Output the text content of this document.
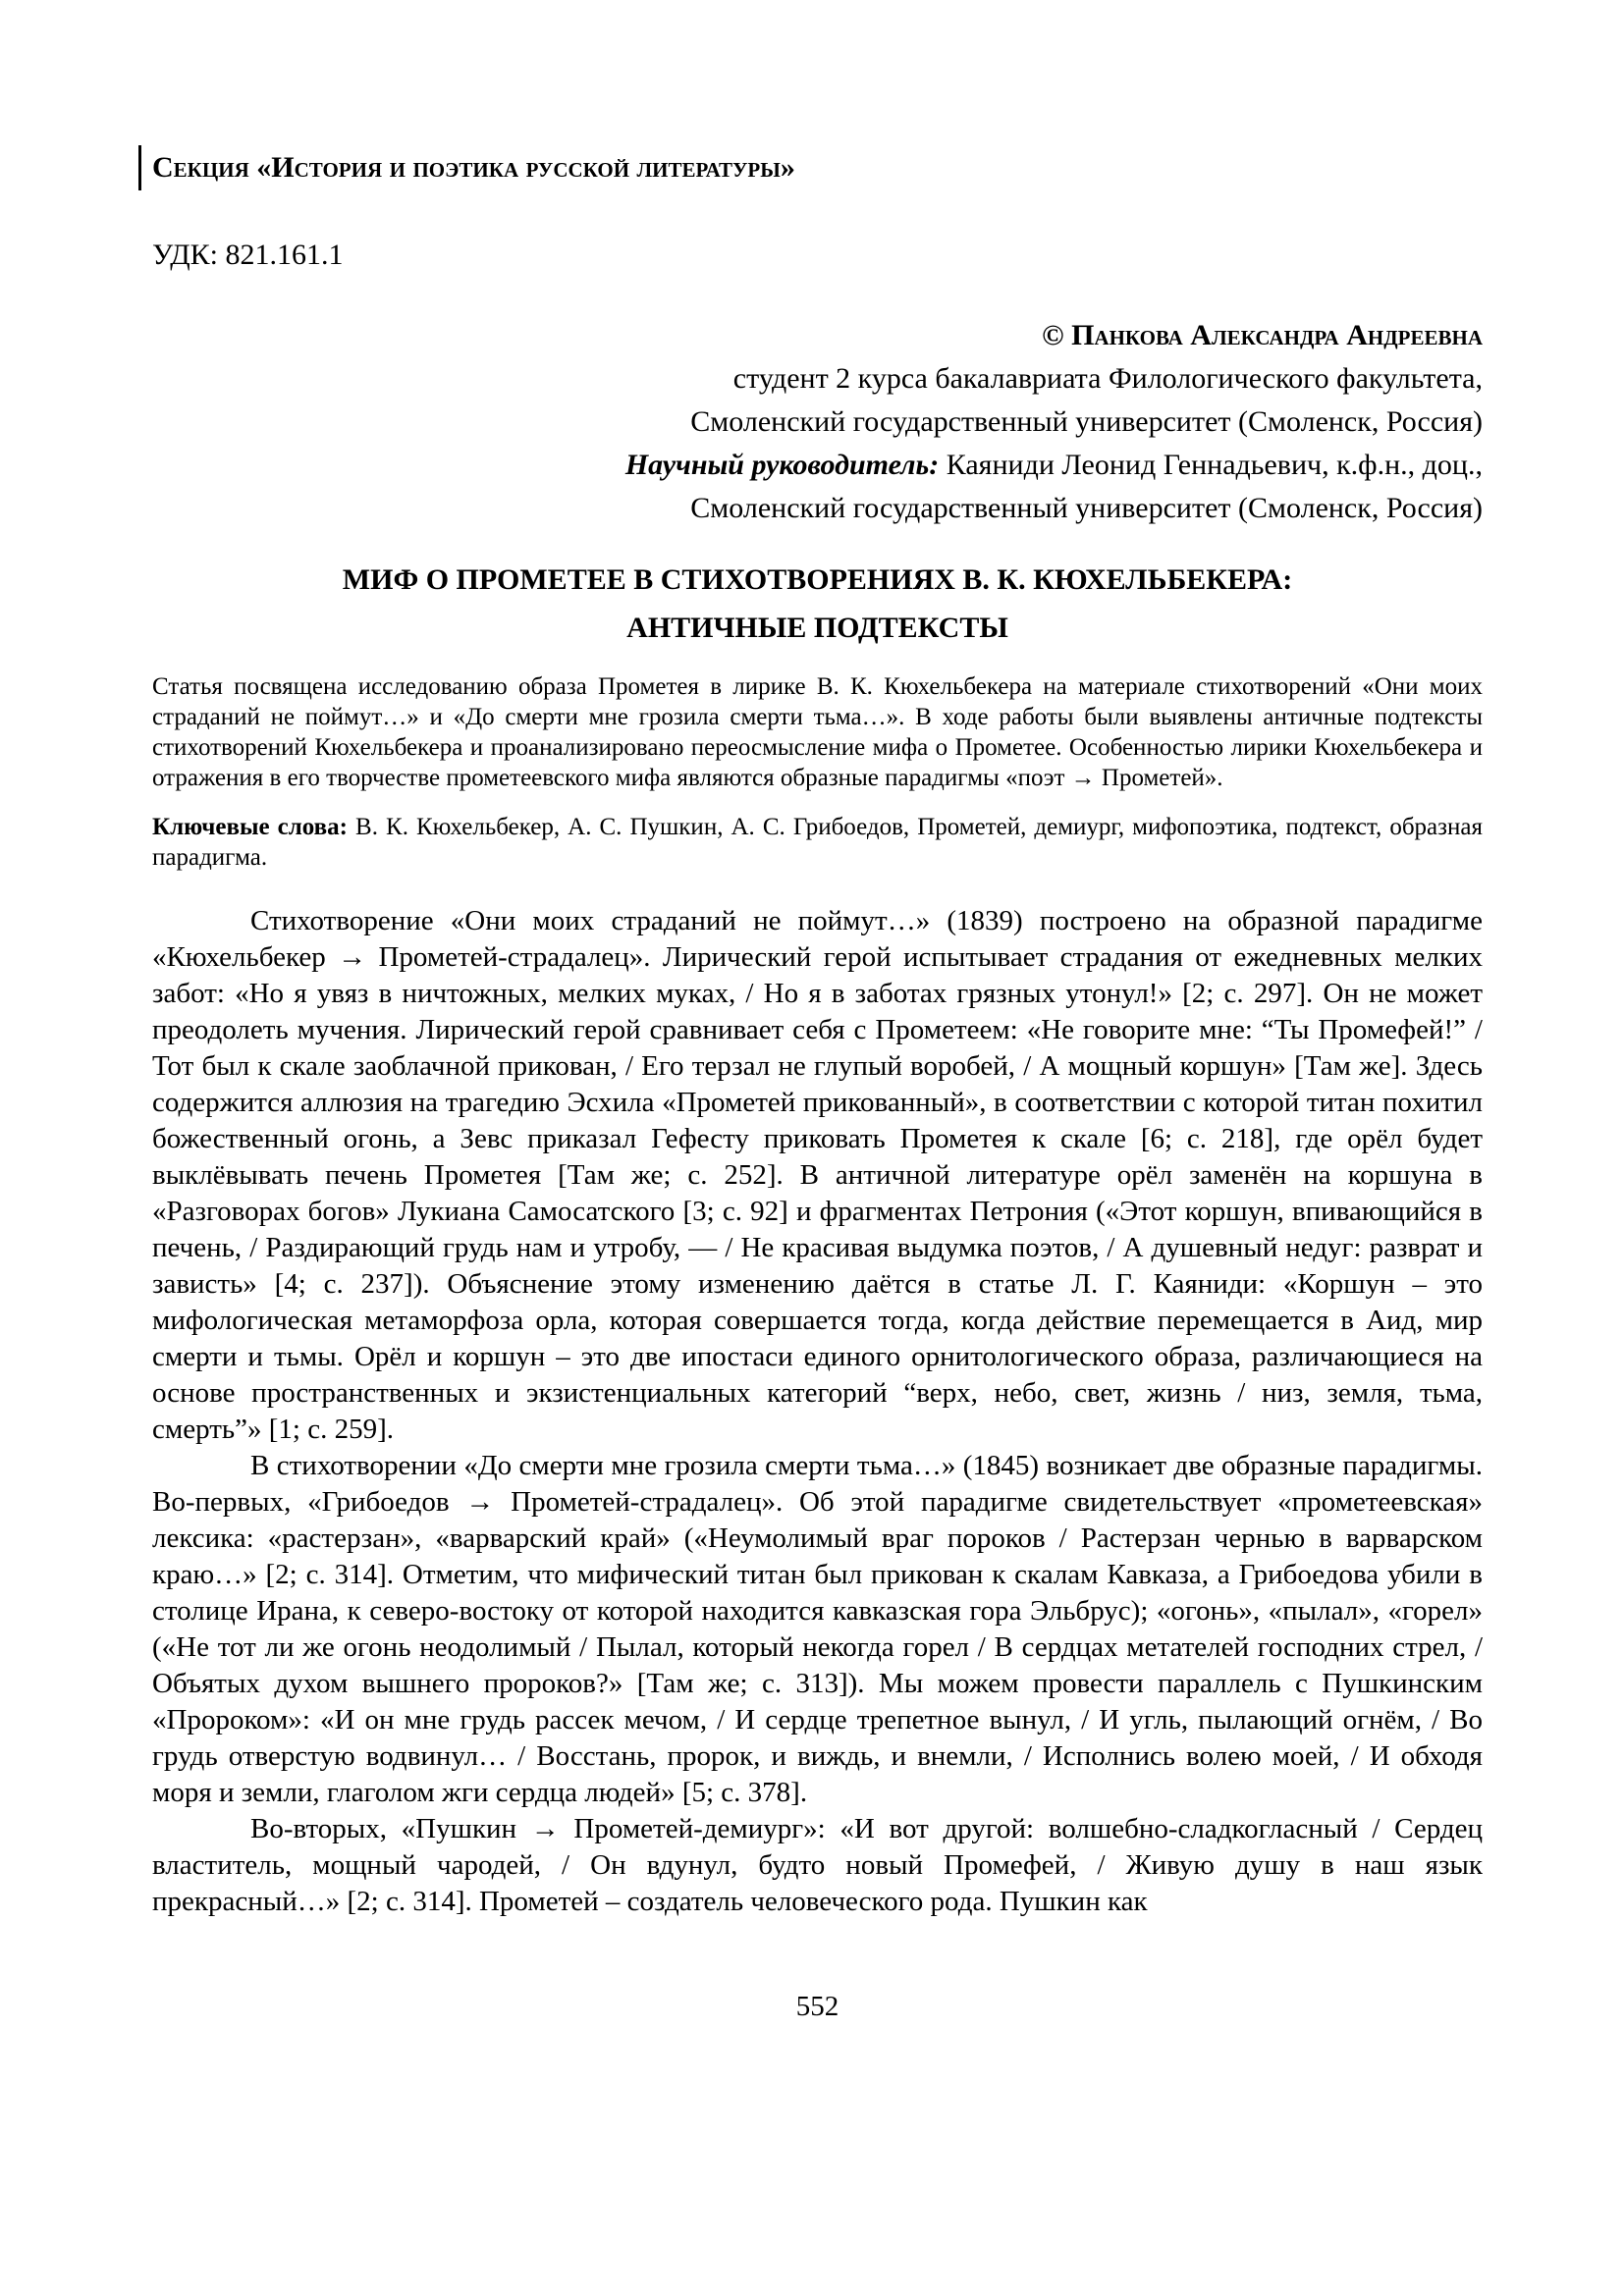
Секция «История и поэтика русской литературы»
УДК: 821.161.1
© Панкова Александра Андреевна
студент 2 курса бакалавриата Филологического факультета,
Смоленский государственный университет (Смоленск, Россия)
Научный руководитель: Каяниди Леонид Геннадьевич, к.ф.н., доц.,
Смоленский государственный университет (Смоленск, Россия)
МИФ О ПРОМЕТЕЕ В СТИХОТВОРЕНИЯХ В. К. КЮХЕЛЬБЕКЕРА:
АНТИЧНЫЕ ПОДТЕКСТЫ
Статья посвящена исследованию образа Прометея в лирике В. К. Кюхельбекера на материале стихотворений «Они моих страданий не поймут…» и «До смерти мне грозила смерти тьма…». В ходе работы были выявлены античные подтексты стихотворений Кюхельбекера и проанализировано переосмысление мифа о Прометее. Особенностью лирики Кюхельбекера и отражения в его творчестве прометеевского мифа являются образные парадигмы «поэт → Прометей».
Ключевые слова: В. К. Кюхельбекер, А. С. Пушкин, А. С. Грибоедов, Прометей, демиург, мифопоэтика, подтекст, образная парадигма.

Стихотворение «Они моих страданий не поймут…» (1839) построено на образной парадигме «Кюхельбекер → Прометей-страдалец». Лирический герой испытывает страдания от ежедневных мелких забот: «Но я увяз в ничтожных, мелких муках, / Но я в заботах грязных утонул!» [2; с. 297]. Он не может преодолеть мучения. Лирический герой сравнивает себя с Прометеем: «Не говорите мне: “Ты Промефей!” / Тот был к скале заоблачной прикован, / Его терзал не глупый воробей, / А мощный коршун» [Там же]. Здесь содержится аллюзия на трагедию Эсхила «Прометей прикованный», в соответствии с которой титан похитил божественный огонь, а Зевс приказал Гефесту приковать Прометея к скале [6; с. 218], где орёл будет выклёвывать печень Прометея [Там же; с. 252]. В античной литературе орёл заменён на коршуна в «Разговорах богов» Лукиана Самосатского [3; с. 92] и фрагментах Петрония («Этот коршун, впивающийся в печень, / Раздирающий грудь нам и утробу, — / Не красивая выдумка поэтов, / А душевный недуг: разврат и зависть» [4; с. 237]). Объяснение этому изменению даётся в статье Л. Г. Каяниди: «Коршун – это мифологическая метаморфоза орла, которая совершается тогда, когда действие перемещается в Аид, мир смерти и тьмы. Орёл и коршун – это две ипостаси единого орнитологического образа, различающиеся на основе пространственных и экзистенциальных категорий “верх, небо, свет, жизнь / низ, земля, тьма, смерть”» [1; с. 259].

В стихотворении «До смерти мне грозила смерти тьма…» (1845) возникает две образные парадигмы. Во-первых, «Грибоедов → Прометей-страдалец». Об этой парадигме свидетельствует «прометеевская» лексика: «растерзан», «варварский край» («Неумолимый враг пороков / Растерзан чернью в варварском краю…» [2; с. 314]. Отметим, что мифический титан был прикован к скалам Кавказа, а Грибоедова убили в столице Ирана, к северо-востоку от которой находится кавказская гора Эльбрус); «огонь», «пылал», «горел» («Не тот ли же огонь неодолимый / Пылал, который некогда горел / В сердцах метателей господних стрел, / Объятых духом вышнего пророков?» [Там же; с. 313]). Мы можем провести параллель с Пушкинским «Пророком»: «И он мне грудь рассек мечом, / И сердце трепетное вынул, / И угль, пылающий огнём, / Во грудь отверстую водвинул… / Восстань, пророк, и виждь, и внемли, / Исполнись волею моей, / И обходя моря и земли, глаголом жги сердца людей» [5; с. 378].

Во-вторых, «Пушкин → Прометей-демиург»: «И вот другой: волшебно-сладкогласный / Сердец властитель, мощный чародей, / Он вдунул, будто новый Промефей, / Живую душу в наш язык прекрасный…» [2; с. 314]. Прометей – создатель человеческого рода. Пушкин как

552
